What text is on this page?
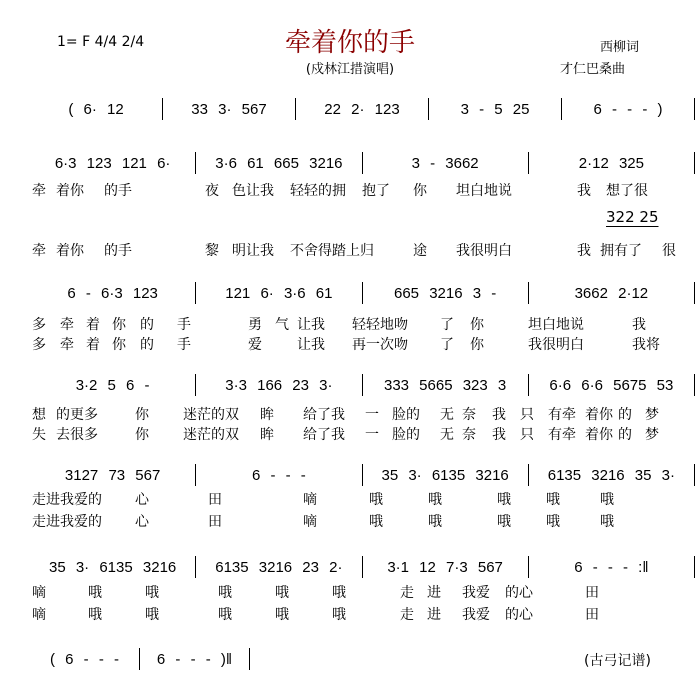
牵着你的手
(戍林江措演唱)
1= F 4/4 2/4	西柳词
才仁巴桑曲
322 25
(古弓记谱)
( 6· 12	33 3· 567	22 2· 123	3 - 5 25	6 - - - )
6·3 123 121 6·	3·6 61 665 3216	3 - 3662	2·12 325
6 - 6·3 123	121 6· 3·6 61	665 3216 3 -	3662 2·12
3·2 5 6 -	3·3 166 23 3·	333 5665 323 3	6·6 6·6 5675 53
3127 73 567	6 - - -	35 3· 6135 3216	6135 3216 35 3·
35 3· 6135 3216	6135 3216 23 2·	3·1 12 7·3 567	6 - - - :‖
( 6 - - -	6 - - - )‖
牵 着你 的手	夜 色让我 轻轻的拥 抱了 你 坦白地说	我 想了很
牵 着你 的手	黎 明让我 不舍得踏上归	途 我很明白	我 拥有了 很
多 牵 着 你 的 手	勇 气 让我 轻轻地吻 了 你	坦白地说	我
多 牵 着 你 的 手	爱	让我 再一次吻 了 你	我很明白	我将
想 的更多	你 迷茫的双 眸 给了我 一 脸的 无 奈 我 只 有牵 着你 的 梦
失 去很多	你 迷茫的双 眸 给了我 一 脸的 无 奈 我 只 有牵 着你 的 梦
走进我爱的 心	田	嘀	哦	哦	哦	哦	哦
走进我爱的 心	田	嘀	哦	哦	哦	哦	哦
嘀	哦	哦	哦	哦	哦	走 进 我爱 的心	田
嘀	哦	哦	哦	哦	哦	走 进 我爱 的心	田
